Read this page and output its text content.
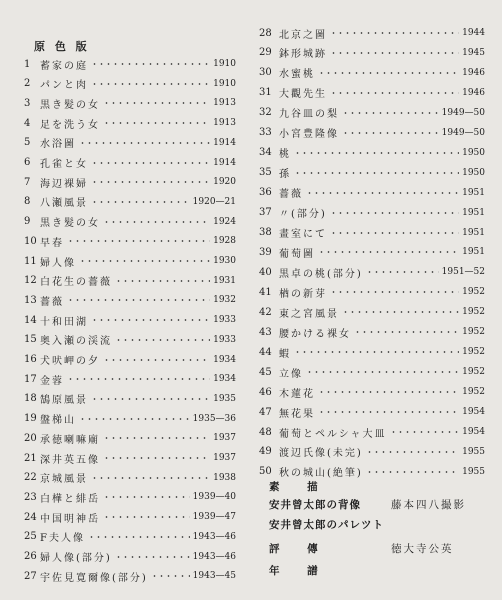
原 色 版
1 蓄家の庭	1910
2 パンと肉	1910
3 黒き髪の女	1913
4 足を洗う女	1913
5 水浴圖	1914
6 孔雀と女	1914
7 海辺裸婦	1920
8 八瀬風景	1920—21
9 黒き髪の女	1924
10 早春	1928
11 婦人像	1930
12 白花生の薔薇	1931
13 薔薇	1932
14 十和田湖	1933
15 奥入瀬の渓流	1933
16 犬吠岬の夕	1934
17 金蓉	1934
18 鵠原風景	1935
19 盤梯山	1935—36
20 承徳喇嘛廟	1937
21 深井英五像	1937
22 京城風景	1938
23 白樺と緋岳	1939—40
24 中国明神岳	1939—47
25 F夫人像	1943—46
26 婦人像(部分)	1943—46
27 宇佐見寛爾像(部分)	1943—45
28 北京之圖	1944
29 鉢形城跡	1945
30 水蜜桃	1946
31 大觀先生	1946
32 九谷皿の梨	1949—50
33 小宮豊隆像	1949—50
34 桃	1950
35 孫	1950
36 薔薇	1951
37 〃(部分)	1951
38 畫室にて	1951
39 葡萄圖	1951
40 黒卓の桃(部分)	1951—52
41 楢の新芽	1952
42 東之宮風景	1952
43 腰かける裸女	1952
44 蝦	1952
45 立像	1952
46 木蓮花	1952
47 無花果	1954
48 葡萄とペルシャ大皿	1954
49 渡辺氏像(未完)	1955
50 秋の城山(絶筆)	1955
素 描
安井曾太郎の背像	藤本四八撮影
安井曾太郎のパレツト
評 傳	徳大寺公英
年 譜
